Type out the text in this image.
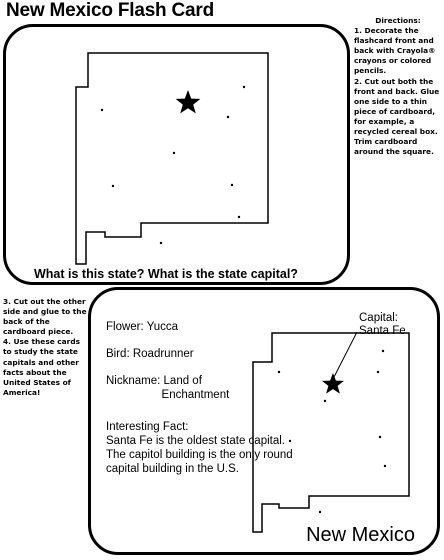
New Mexico Flash Card
What is this state? What is the state capital?
Directions:
1. Decorate the flashcard front and back with Crayola® crayons or colored pencils.
2. Cut out both the front and back. Glue one side to a thin piece of cardboard, for example, a recycled cereal box. Trim cardboard around the square.
3. Cut out the other side and glue to the back of the cardboard piece.
4. Use these cards to study the state capitals and other facts about the United States of America!
Flower: Yucca
Bird: Roadrunner
Nickname: Land of
Enchantment
Interesting Fact:
Santa Fe is the oldest state capital. The capitol building is the only round capital building in the U.S.
Capital:
Santa Fe
New Mexico
